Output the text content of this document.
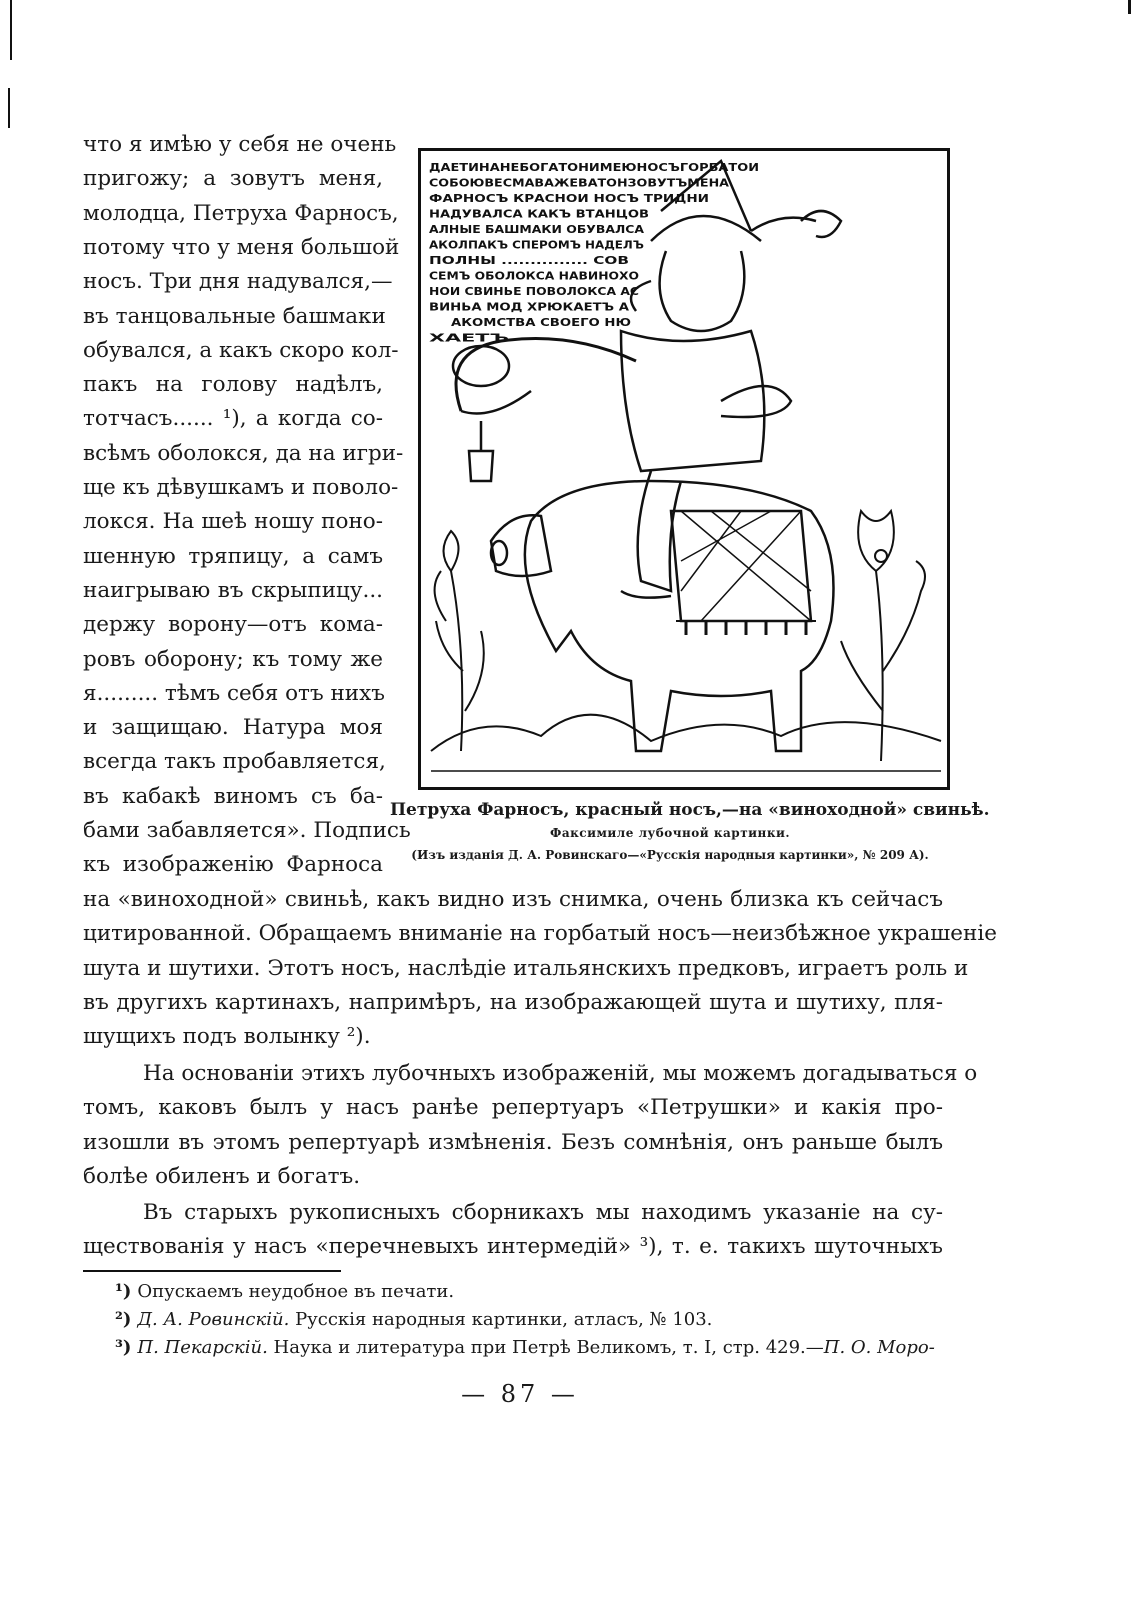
что я имѣю у себя не очень
пригожу; а зовутъ меня,
молодца, Петруха Фарносъ,
потому что у меня большой
носъ. Три дня надувался,—
въ танцовальные башмаки
обувался, а какъ скоро кол-
пакъ на голову надѣлъ,
тотчасъ...... ¹), а когда со-
всѣмъ оболокся, да на игри-
ще къ дѣвушкамъ и поволо-
локся. На шеѣ ношу поно-
шенную тряпицу, а самъ
наигрываю въ скрыпицу...
держу ворону—отъ кома-
ровъ оборону; къ тому же
я......... тѣмъ себя отъ нихъ
и защищаю. Натура моя
всегда такъ пробавляется,
въ кабакѣ виномъ съ ба-
бами забавляется». Подпись
къ изображенію Фарноса
ДАЕТИНАНЕБОГАТОНИМЕЮНОСЪГОРБАТОИ
СОБОЮВЕСМАВАЖЕВАТОНЗОВУТЪМЕНА
ФАРНОСЪ КРАСНОИ НОСЪ ТРИДНИ
НАДУВАЛСА КАКЪ ВТАНЦОВ
АЛНЫЕ БАШМАКИ ОБУВАЛСА
АКОЛПАКЪ СПЕРОМЪ НАДЕЛЪ
ПОЛНЫ ............... СОВ
СЕМЪ ОБОЛОКСА НАВИНОХО
НОИ СВИНЬЕ ПОВОЛОКСА АС
ВИНЬА МОД ХРЮКАЕТЪ А
АКОМСТВА СВОЕГО НЮ
ХАЕТЪ
Петруха Фарносъ, красный носъ,—на «виноходной» свиньѣ.
Факсимиле лубочной картинки.
(Изъ изданія Д. А. Ровинскаго—«Русскія народныя картинки», № 209 А).
на «виноходной» свиньѣ, какъ видно изъ снимка, очень близка къ сейчасъ
цитированной. Обращаемъ вниманіе на горбатый носъ—неизбѣжное украшеніе
шута и шутихи. Этотъ носъ, наслѣдіе итальянскихъ предковъ, играетъ роль и
въ другихъ картинахъ, напримѣръ, на изображающей шута и шутиху, пля-
шущихъ подъ волынку ²).
На основаніи этихъ лубочныхъ изображеній, мы можемъ догадываться о
томъ, каковъ былъ у насъ ранѣе репертуаръ «Петрушки» и какія про-
изошли въ этомъ репертуарѣ измѣненія. Безъ сомнѣнія, онъ раньше былъ
болѣе обиленъ и богатъ.
Въ старыхъ рукописныхъ сборникахъ мы находимъ указаніе на су-
ществованія у насъ «перечневыхъ интермедій» ³), т. е. такихъ шуточныхъ
¹) Опускаемъ неудобное въ печати.
²) Д. А. Ровинскій. Русскія народныя картинки, атласъ, № 103.
³) П. Пекарскій. Наука и литература при Петрѣ Великомъ, т. I, стр. 429.—П. О. Моро-
— 87 —
